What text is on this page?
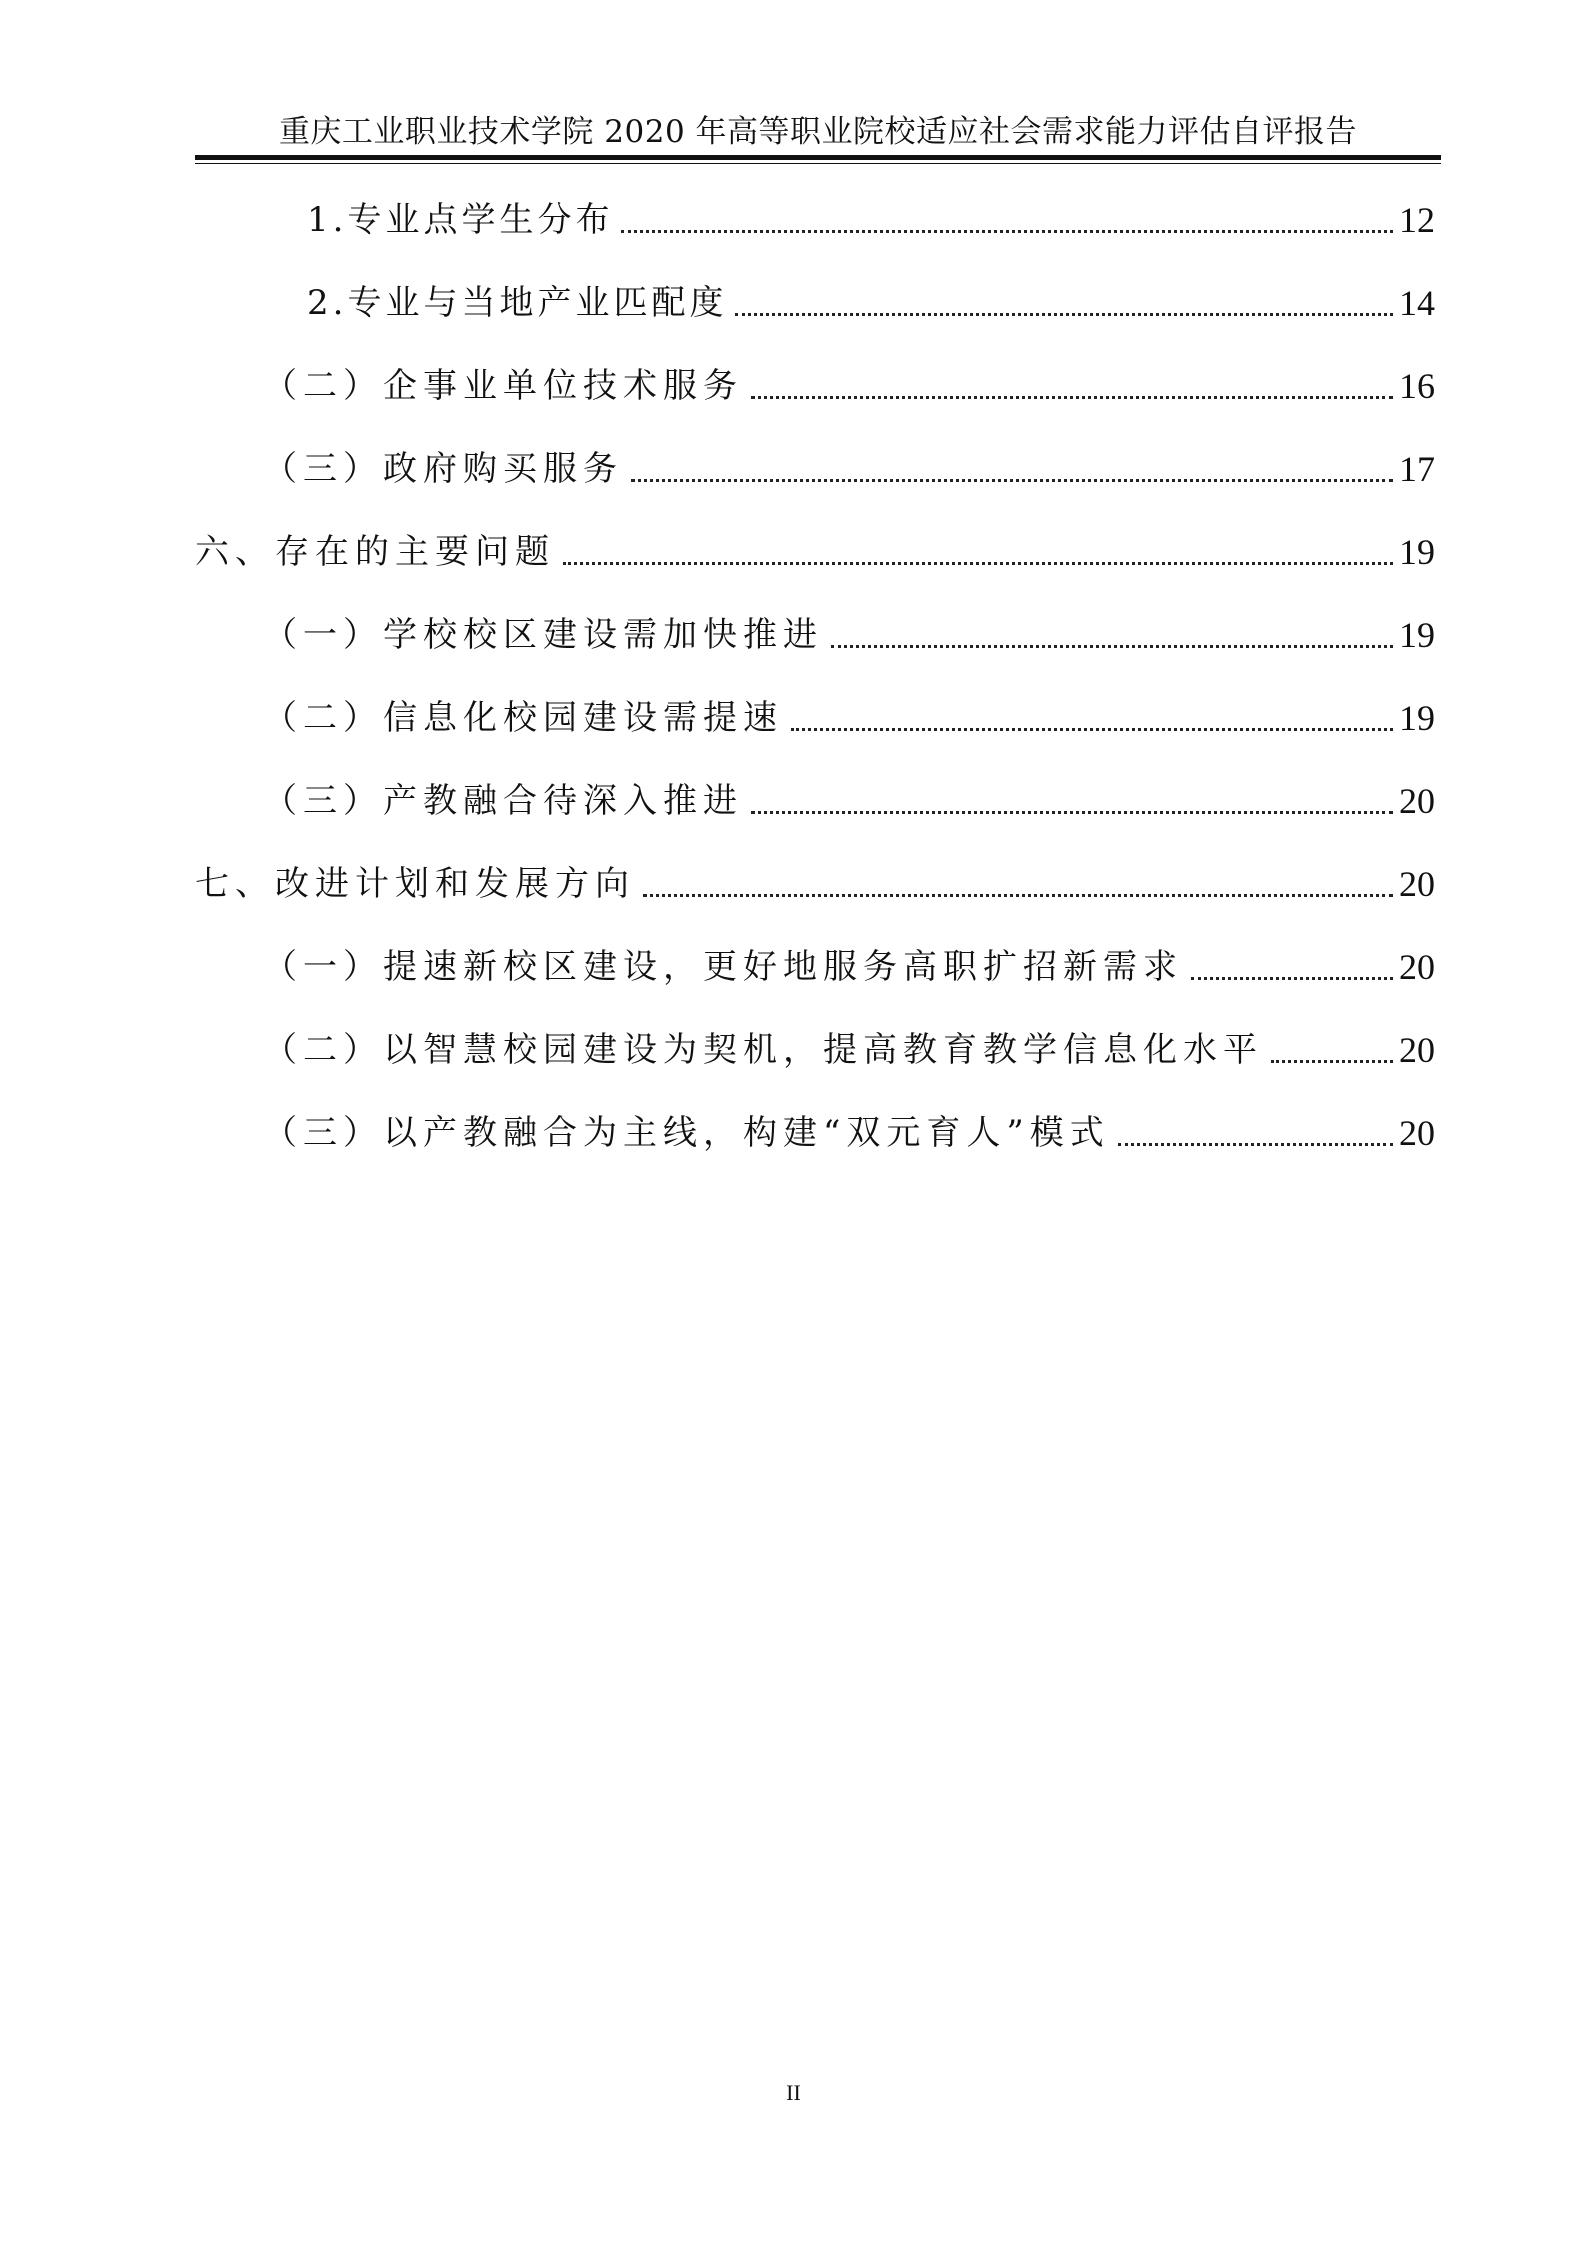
重庆工业职业技术学院 2020 年高等职业院校适应社会需求能力评估自评报告
1.专业点学生分布	12
2.专业与当地产业匹配度	14
（二）企事业单位技术服务	16
（三）政府购买服务	17
六、存在的主要问题	19
（一）学校校区建设需加快推进	19
（二）信息化校园建设需提速	19
（三）产教融合待深入推进	20
七、改进计划和发展方向	20
（一）提速新校区建设，更好地服务高职扩招新需求	20
（二）以智慧校园建设为契机，提高教育教学信息化水平	20
（三）以产教融合为主线，构建“双元育人”模式	20
II
